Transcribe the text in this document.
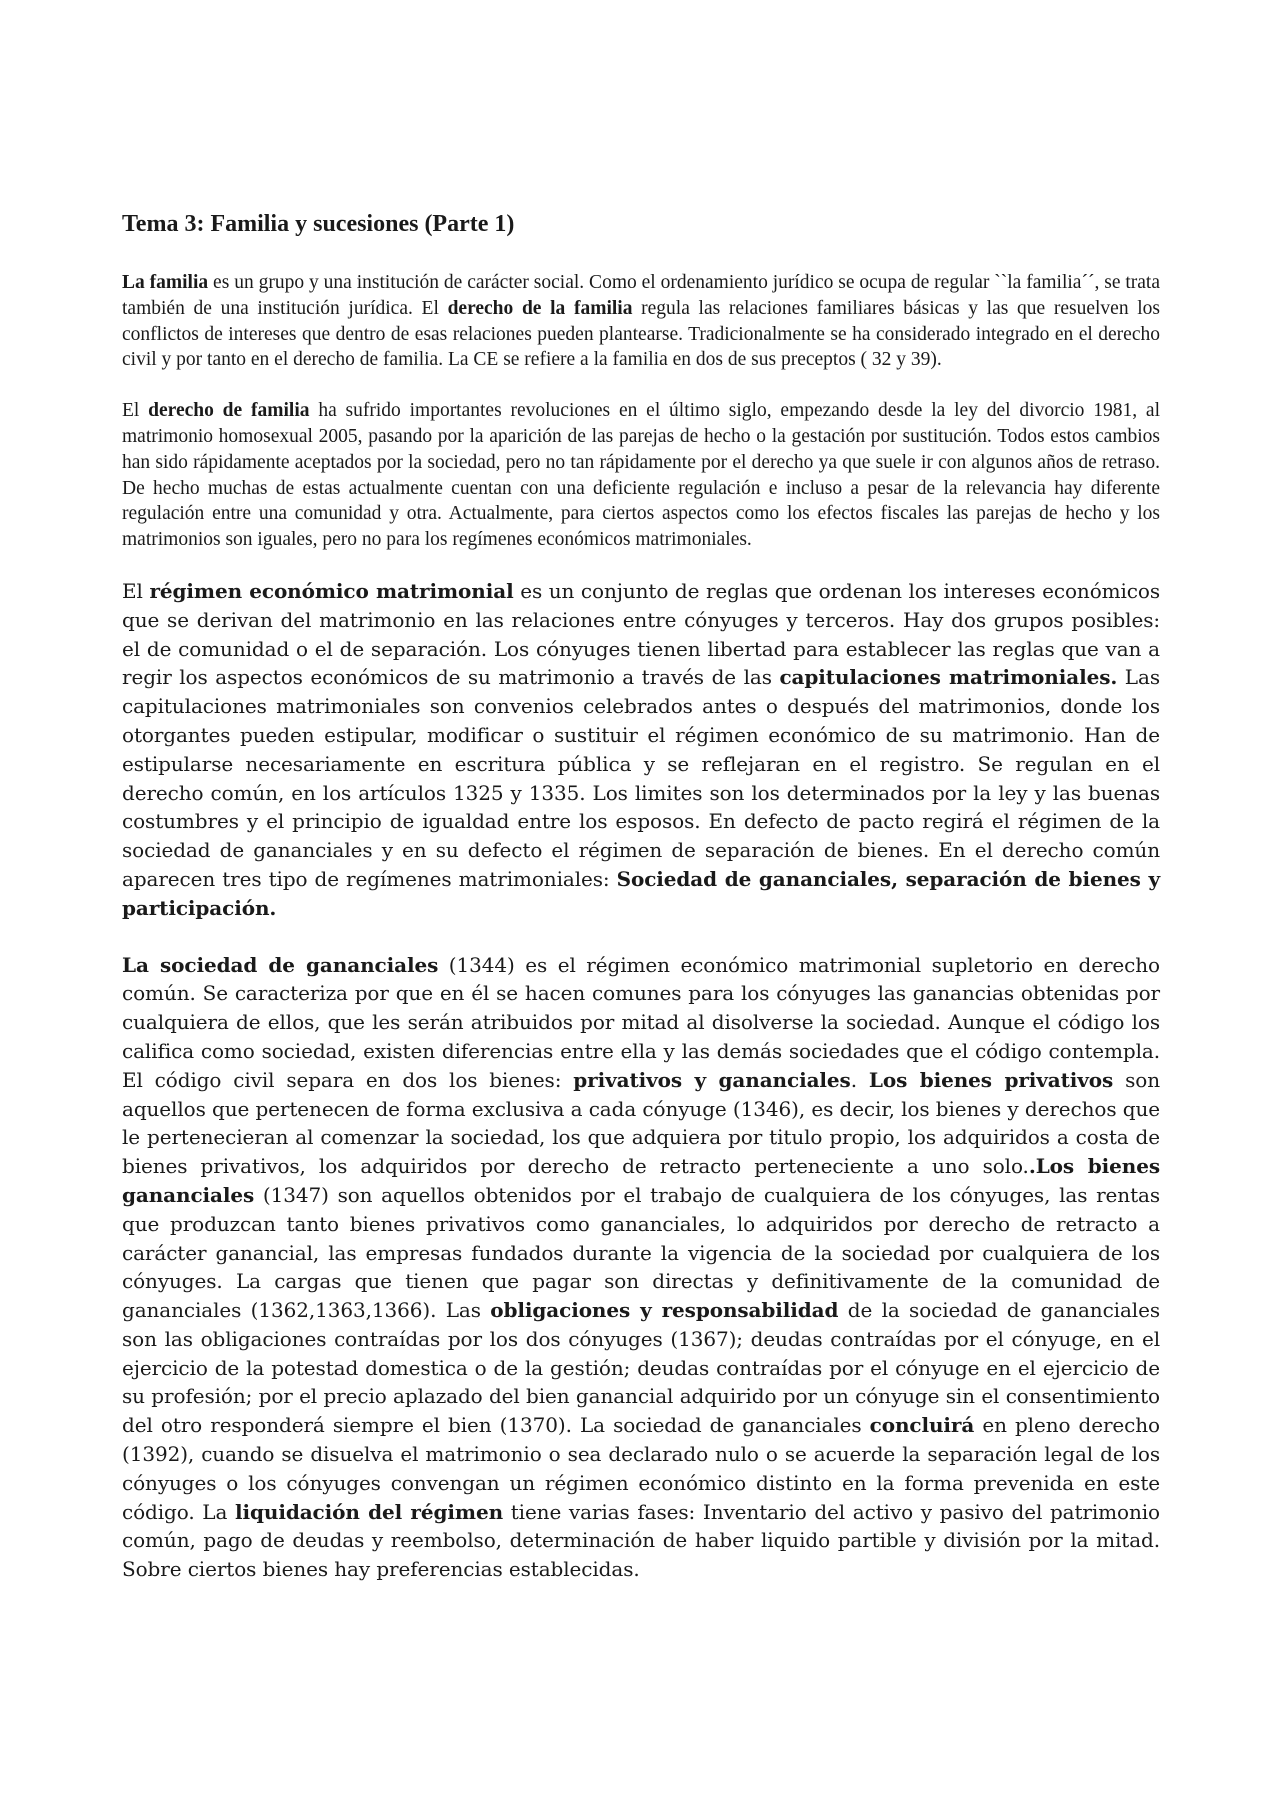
Tema 3: Familia y sucesiones (Parte 1)

La familia es un grupo y una institución de carácter social. Como el ordenamiento jurídico se ocupa de regular ``la familia´´, se trata también de una institución jurídica. El derecho de la familia regula las relaciones familiares básicas y las que resuelven los conflictos de intereses que dentro de esas relaciones pueden plantearse. Tradicionalmente se ha considerado integrado en el derecho civil y por tanto en el derecho de familia. La CE se refiere a la familia en dos de sus preceptos ( 32 y 39).

El derecho de familia ha sufrido importantes revoluciones en el último siglo, empezando desde la ley del divorcio 1981, al matrimonio homosexual 2005, pasando por la aparición de las parejas de hecho o la gestación por sustitución. Todos estos cambios han sido rápidamente aceptados por la sociedad, pero no tan rápidamente por el derecho ya que suele ir con algunos años de retraso. De hecho muchas de estas actualmente cuentan con una deficiente regulación e incluso a pesar de la relevancia hay diferente regulación entre una comunidad y otra. Actualmente, para ciertos aspectos como los efectos fiscales las parejas de hecho y los matrimonios son iguales, pero no para los regímenes económicos matrimoniales.

El régimen económico matrimonial es un conjunto de reglas que ordenan los intereses económicos que se derivan del matrimonio en las relaciones entre cónyuges y terceros. Hay dos grupos posibles: el de comunidad o el de separación. Los cónyuges tienen libertad para establecer las reglas que van a regir los aspectos económicos de su matrimonio a través de las capitulaciones matrimoniales. Las capitulaciones matrimoniales son convenios celebrados antes o después del matrimonios, donde los otorgantes pueden estipular, modificar o sustituir el régimen económico de su matrimonio. Han de estipularse necesariamente en escritura pública y se reflejaran en el registro. Se regulan en el derecho común, en los artículos 1325 y 1335. Los limites son los determinados por la ley y las buenas costumbres y el principio de igualdad entre los esposos. En defecto de pacto regirá el régimen de la sociedad de gananciales y en su defecto el régimen de separación de bienes. En el derecho común aparecen tres tipo de regímenes matrimoniales: Sociedad de gananciales, separación de bienes y participación.

La sociedad de gananciales (1344) es el régimen económico matrimonial supletorio en derecho común. Se caracteriza por que en él se hacen comunes para los cónyuges las ganancias obtenidas por cualquiera de ellos, que les serán atribuidos por mitad al disolverse la sociedad. Aunque el código los califica como sociedad, existen diferencias entre ella y las demás sociedades que el código contempla. El código civil separa en dos los bienes: privativos y gananciales. Los bienes privativos son aquellos que pertenecen de forma exclusiva a cada cónyuge (1346), es decir, los bienes y derechos que le pertenecieran al comenzar la sociedad, los que adquiera por titulo propio, los adquiridos a costa de bienes privativos, los adquiridos por derecho de retracto perteneciente a uno solo..Los bienes gananciales (1347) son aquellos obtenidos por el trabajo de cualquiera de los cónyuges, las rentas que produzcan tanto bienes privativos como gananciales, lo adquiridos por derecho de retracto a carácter ganancial, las empresas fundados durante la vigencia de la sociedad por cualquiera de los cónyuges. La cargas que tienen que pagar son directas y definitivamente de la comunidad de gananciales (1362,1363,1366). Las obligaciones y responsabilidad de la sociedad de gananciales son las obligaciones contraídas por los dos cónyuges (1367); deudas contraídas por el cónyuge, en el ejercicio de la potestad domestica o de la gestión; deudas contraídas por el cónyuge en el ejercicio de su profesión; por el precio aplazado del bien ganancial adquirido por un cónyuge sin el consentimiento del otro responderá siempre el bien (1370). La sociedad de gananciales concluirá en pleno derecho (1392), cuando se disuelva el matrimonio o sea declarado nulo o se acuerde la separación legal de los cónyuges o los cónyuges convengan un régimen económico distinto en la forma prevenida en este código. La liquidación del régimen tiene varias fases: Inventario del activo y pasivo del patrimonio común, pago de deudas y reembolso, determinación de haber liquido partible y división por la mitad. Sobre ciertos bienes hay preferencias establecidas.
